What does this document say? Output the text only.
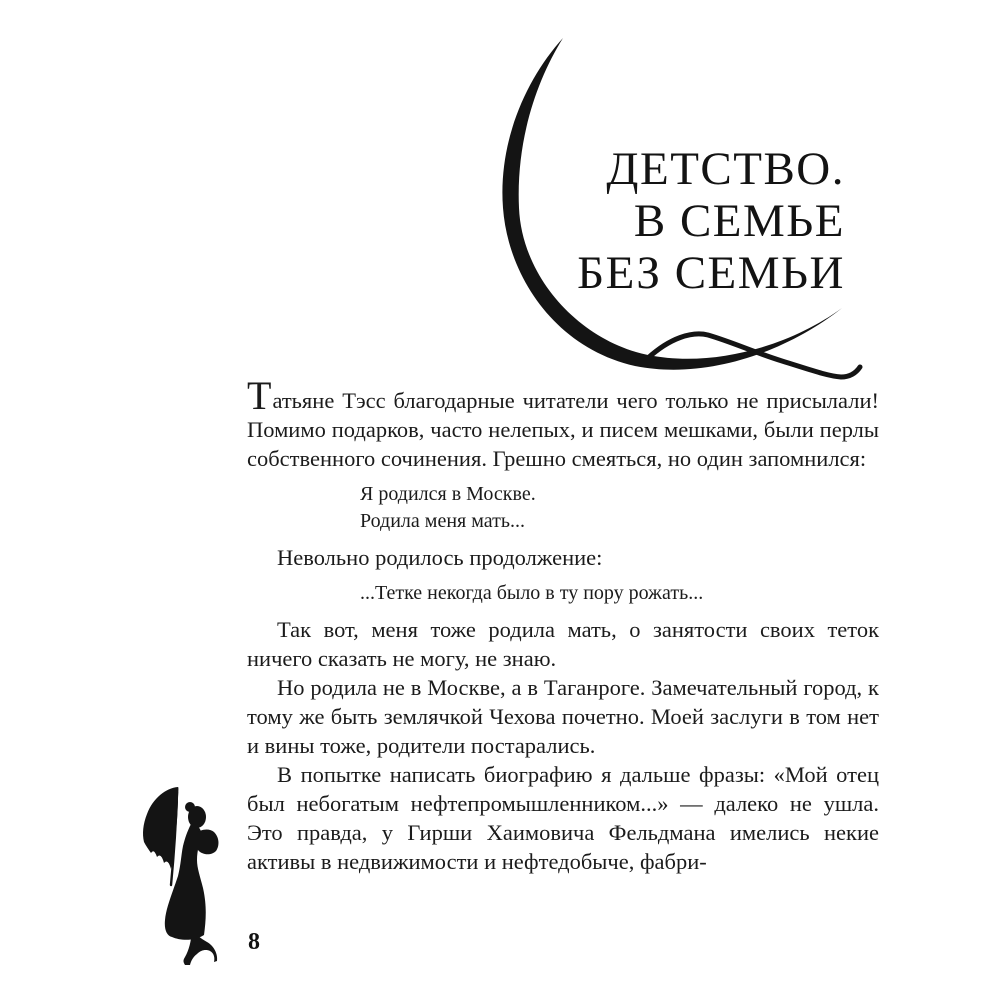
ДЕТСТВО.
В СЕМЬЕ
БЕЗ СЕМЬИ

Татьяне Тэсс благодарные читатели чего только не присылали! Помимо подарков, часто нелепых, и писем мешками, были перлы собственного сочинения. Грешно смеяться, но один запомнился:

Я родился в Москве.
Родила меня мать...

Невольно родилось продолжение:

...Тетке некогда было в ту пору рожать...

Так вот, меня тоже родила мать, о занятости своих теток ничего сказать не могу, не знаю.

Но родила не в Москве, а в Таганроге. Замечательный город, к тому же быть землячкой Чехова почетно. Моей заслуги в том нет и вины тоже, родители постарались.

В попытке написать биографию я дальше фразы: «Мой отец был небогатым нефтепромышленником...» — далеко не ушла. Это правда, у Гирши Хаимовича Фельдмана имелись некие активы в недвижимости и нефтедобыче, фабри-

8
